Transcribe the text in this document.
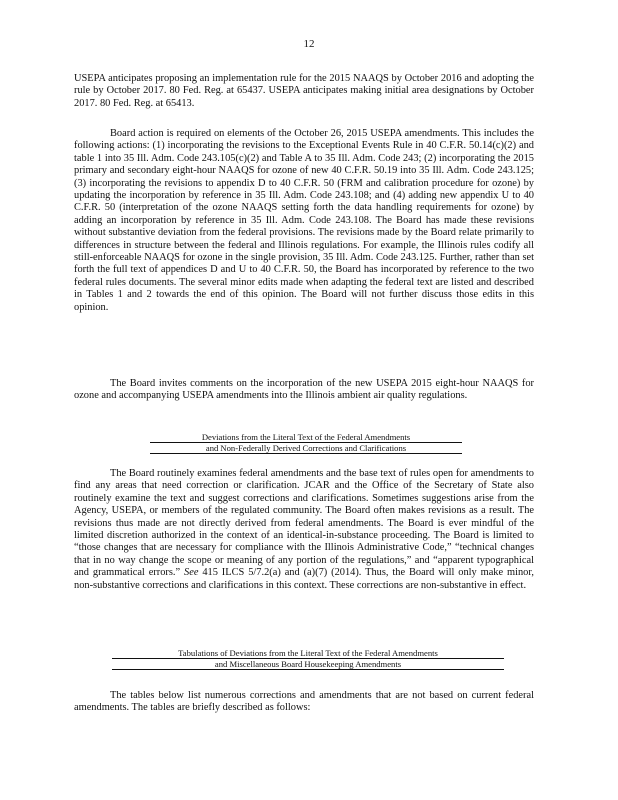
12

USEPA anticipates proposing an implementation rule for the 2015 NAAQS by October 2016 and adopting the rule by October 2017. 80 Fed. Reg. at 65437. USEPA anticipates making initial area designations by October 2017. 80 Fed. Reg. at 65413.

Board action is required on elements of the October 26, 2015 USEPA amendments. This includes the following actions: (1) incorporating the revisions to the Exceptional Events Rule in 40 C.F.R. 50.14(c)(2) and table 1 into 35 Ill. Adm. Code 243.105(c)(2) and Table A to 35 Ill. Adm. Code 243; (2) incorporating the 2015 primary and secondary eight-hour NAAQS for ozone of new 40 C.F.R. 50.19 into 35 Ill. Adm. Code 243.125; (3) incorporating the revisions to appendix D to 40 C.F.R. 50 (FRM and calibration procedure for ozone) by updating the incorporation by reference in 35 Ill. Adm. Code 243.108; and (4) adding new appendix U to 40 C.F.R. 50 (interpretation of the ozone NAAQS setting forth the data handling requirements for ozone) by adding an incorporation by reference in 35 Ill. Adm. Code 243.108. The Board has made these revisions without substantive deviation from the federal provisions. The revisions made by the Board relate primarily to differences in structure between the federal and Illinois regulations. For example, the Illinois rules codify all still-enforceable NAAQS for ozone in the single provision, 35 Ill. Adm. Code 243.125. Further, rather than set forth the full text of appendices D and U to 40 C.F.R. 50, the Board has incorporated by reference to the two federal rules documents. The several minor edits made when adapting the federal text are listed and described in Tables 1 and 2 towards the end of this opinion. The Board will not further discuss those edits in this opinion.

The Board invites comments on the incorporation of the new USEPA 2015 eight-hour NAAQS for ozone and accompanying USEPA amendments into the Illinois ambient air quality regulations.

Deviations from the Literal Text of the Federal Amendments
and Non-Federally Derived Corrections and Clarifications

The Board routinely examines federal amendments and the base text of rules open for amendments to find any areas that need correction or clarification. JCAR and the Office of the Secretary of State also routinely examine the text and suggest corrections and clarifications. Sometimes suggestions arise from the Agency, USEPA, or members of the regulated community. The Board often makes revisions as a result. The revisions thus made are not directly derived from federal amendments. The Board is ever mindful of the limited discretion authorized in the context of an identical-in-substance proceeding. The Board is limited to “those changes that are necessary for compliance with the Illinois Administrative Code,” “technical changes that in no way change the scope or meaning of any portion of the regulations,” and “apparent typographical and grammatical errors.” See 415 ILCS 5/7.2(a) and (a)(7) (2014). Thus, the Board will only make minor, non-substantive corrections and clarifications in this context. These corrections are non-substantive in effect.

Tabulations of Deviations from the Literal Text of the Federal Amendments
and Miscellaneous Board Housekeeping Amendments

The tables below list numerous corrections and amendments that are not based on current federal amendments. The tables are briefly described as follows:
